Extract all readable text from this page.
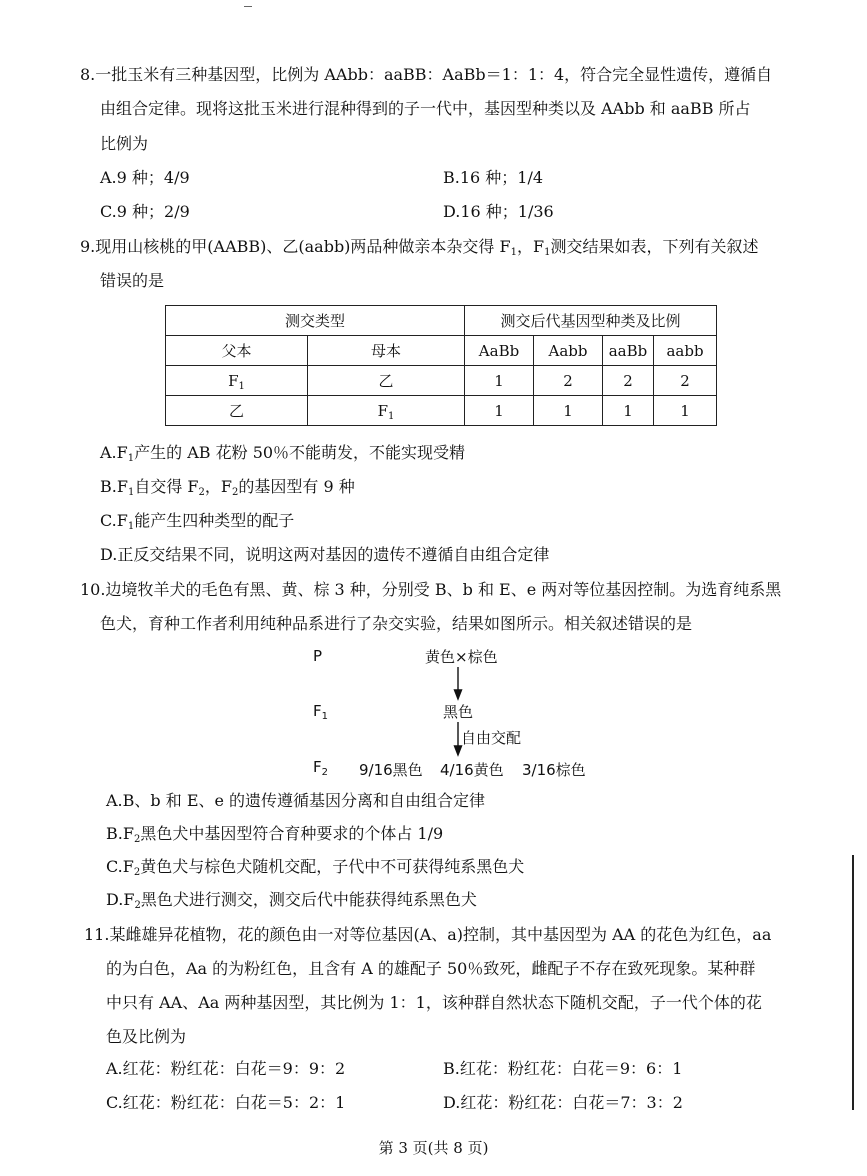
8.一批玉米有三种基因型，比例为 AAbb：aaBB：AaBb＝1：1：4，符合完全显性遗传，遵循自
由组合定律。现将这批玉米进行混种得到的子一代中，基因型种类以及 AAbb 和 aaBB 所占
比例为
A.9 种；4/9	B.16 种；1/4
C.9 种；2/9	D.16 种；1/36
9.现用山核桃的甲(AABB)、乙(aabb)两品种做亲本杂交得 $F_1$，$F_1$测交结果如表，下列有关叙述
错误的是
测交类型		测交后代基因型种类及比例			
父本	母本	AaBb	Aabb	aaBb	aabb
$F_1$	乙	1	2	2	2
乙	$F_1$	1	1	1	1
$A.F_1$产生的 AB 花粉 50％不能萌发，不能实现受精
$B.F_1$自交得 $F_2$，$F_2$的基因型有 9 种
$C.F_1$能产生四种类型的配子
D.正反交结果不同，说明这两对基因的遗传不遵循自由组合定律
10.边境牧羊犬的毛色有黑、黄、棕 3 种，分别受 B、b 和 E、e 两对等位基因控制。为选育纯系黑
色犬，育种工作者利用纯种品系进行了杂交实验，结果如图所示。相关叙述错误的是
P	黄色×棕色
$F_1$	黑色
自由交配
$F_2$ 9/16黑色 4/16黄色 3/16棕色
A.B、b 和 E、e 的遗传遵循基因分离和自由组合定律
$B.F_2$黑色犬中基因型符合育种要求的个体占 1/9
$C.F_2$黄色犬与棕色犬随机交配，子代中不可获得纯系黑色犬
$D.F_2$黑色犬进行测交，测交后代中能获得纯系黑色犬
11.某雌雄异花植物，花的颜色由一对等位基因(A、a)控制，其中基因型为 AA 的花色为红色，aa
的为白色，Aa 的为粉红色，且含有 A 的雄配子 50％致死，雌配子不存在致死现象。某种群
中只有 AA、Aa 两种基因型，其比例为 1：1，该种群自然状态下随机交配，子一代个体的花
色及比例为
A.红花：粉红花：白花＝9：9：2	B.红花：粉红花：白花＝9：6：1
C.红花：粉红花：白花＝5：2：1	D.红花：粉红花：白花＝7：3：2
第 3 页(共 8 页)
